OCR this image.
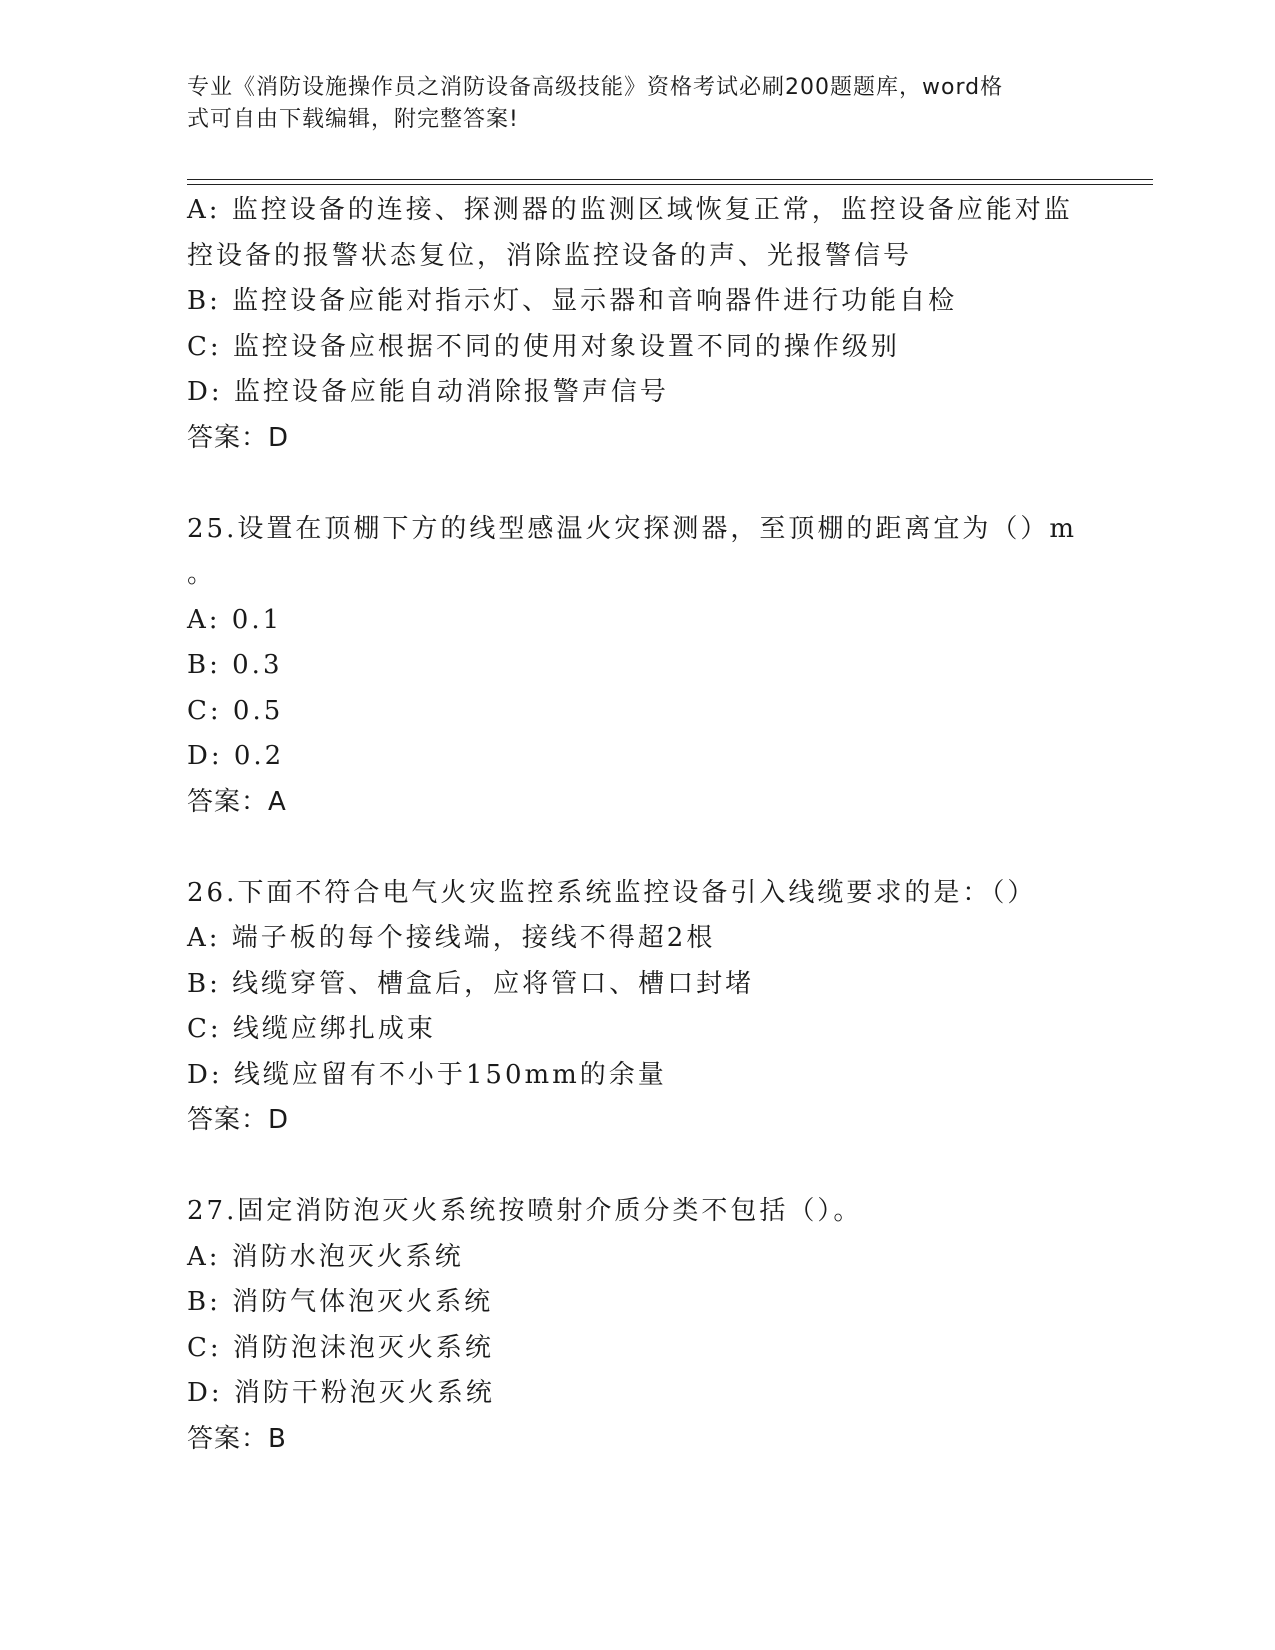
专业《消防设施操作员之消防设备高级技能》资格考试必刷200题题库，word格
式可自由下载编辑，附完整答案!
A: 监控设备的连接、探测器的监测区域恢复正常，监控设备应能对监
控设备的报警状态复位，消除监控设备的声、光报警信号
B: 监控设备应能对指示灯、显示器和音响器件进行功能自检
C: 监控设备应根据不同的使用对象设置不同的操作级别
D: 监控设备应能自动消除报警声信号
答案：D
25.设置在顶棚下方的线型感温火灾探测器，至顶棚的距离宜为（）m
。
A: 0.1
B: 0.3
C: 0.5
D: 0.2
答案：A
26.下面不符合电气火灾监控系统监控设备引入线缆要求的是：（）
A: 端子板的每个接线端，接线不得超2根
B: 线缆穿管、槽盒后，应将管口、槽口封堵
C: 线缆应绑扎成束
D: 线缆应留有不小于150mm的余量
答案：D
27.固定消防泡灭火系统按喷射介质分类不包括（）。
A: 消防水泡灭火系统
B: 消防气体泡灭火系统
C: 消防泡沫泡灭火系统
D: 消防干粉泡灭火系统
答案：B
